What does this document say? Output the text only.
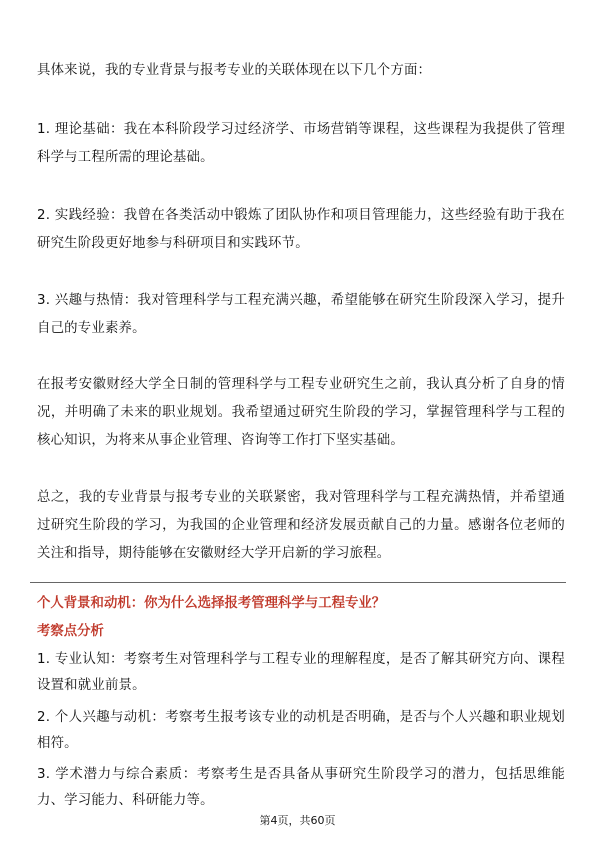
具体来说，我的专业背景与报考专业的关联体现在以下几个方面：

1. 理论基础：我在本科阶段学习过经济学、市场营销等课程，这些课程为我提供了管理科学与工程所需的理论基础。

2. 实践经验：我曾在各类活动中锻炼了团队协作和项目管理能力，这些经验有助于我在研究生阶段更好地参与科研项目和实践环节。

3. 兴趣与热情：我对管理科学与工程充满兴趣，希望能够在研究生阶段深入学习，提升自己的专业素养。

在报考安徽财经大学全日制的管理科学与工程专业研究生之前，我认真分析了自身的情况，并明确了未来的职业规划。我希望通过研究生阶段的学习，掌握管理科学与工程的核心知识，为将来从事企业管理、咨询等工作打下坚实基础。

总之，我的专业背景与报考专业的关联紧密，我对管理科学与工程充满热情，并希望通过研究生阶段的学习，为我国的企业管理和经济发展贡献自己的力量。感谢各位老师的关注和指导，期待能够在安徽财经大学开启新的学习旅程。

个人背景和动机：你为什么选择报考管理科学与工程专业？

考察点分析

1. 专业认知：考察考生对管理科学与工程专业的理解程度，是否了解其研究方向、课程设置和就业前景。

2. 个人兴趣与动机：考察考生报考该专业的动机是否明确，是否与个人兴趣和职业规划相符。

3. 学术潜力与综合素质：考察考生是否具备从事研究生阶段学习的潜力，包括思维能力、学习能力、科研能力等。

第4页，共60页
